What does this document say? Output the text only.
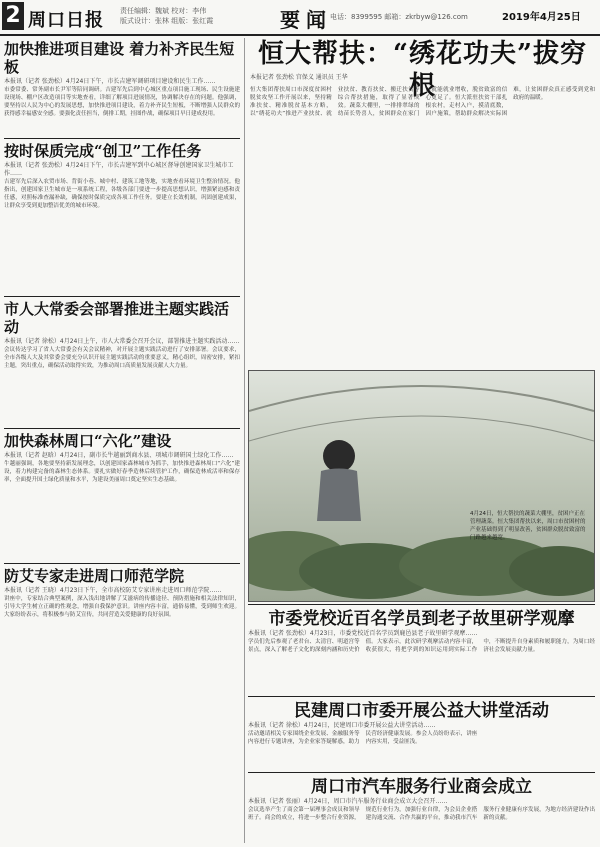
2 周口日报 责任编辑：魏斌 校对：李伟
版式设计：张林 组版：张红霞	要闻
电话：8399595 邮箱：zkrbyw@126.com	2019年4月25日
加快推进项目建设 着力补齐民生短板
本报讯（记者 张劲松）4月24日下午，市长吉建军调研项目建设和民生工作……
市委常委、常务副市长尹军等陪同调研。吉建军先后到中心城区重点项目施工现场、民生设施建设现场、棚户区改造项目等实地查看，详细了解项目进展情况，协调解决存在的问题。他强调，要坚持以人民为中心的发展思想，加快推进项目建设，着力补齐民生短板，不断增强人民群众的获得感幸福感安全感。要强化责任担当，倒排工期，挂图作战，确保项目早日建成投用。
按时保质完成“创卫”工作任务
本报讯（记者 张劲松）4月24日下午，市长吉建军到中心城区督导创建国家卫生城市工作……
吉建军先后深入农贸市场、背街小巷、城中村、建筑工地等地，实地查看环境卫生整治情况。他指出，创建国家卫生城市是一项系统工程，各级各部门要进一步提高思想认识，增强紧迫感和责任感，对照标准查漏补缺，确保按时保质完成各项工作任务。要建立长效机制，巩固创建成果，让群众享受到更加整洁优美的城市环境。
市人大常委会部署推进主题实践活动
本报讯（记者 徐松）4月24日上午，市人大常委会召开会议，部署推进主题实践活动……
会议传达学习了省人大常委会有关会议精神，对开展主题实践活动进行了安排部署。会议要求，全市各级人大及其常委会要充分认识开展主题实践活动的重要意义，精心组织，周密安排，紧扣主题，突出重点，确保活动取得实效，为推动周口高质量发展贡献人大力量。
加快森林周口“六化”建设
本报讯（记者 赵晗）4月24日，副市长牛越丽到商水县、项城市调研国土绿化工作……
牛越丽强调，各地要坚持新发展理念，以创建国家森林城市为抓手，加快推进森林周口“六化”建设，着力构建完备的森林生态体系。要扎实做好春季造林后续管护工作，确保造林成活率和保存率，全面提升国土绿化质量和水平，为建设美丽周口奠定坚实生态基础。
防艾专家走进周口师范学院
本报讯（记者 王晓）4月23日下午，全市高校防艾专家讲座走进周口师范学院……
讲座中，专家结合典型案例，深入浅出地讲解了艾滋病的传播途径、预防措施和相关法律知识，引导大学生树立正确的性观念，增强自我保护意识。讲座内容丰富，通俗易懂，受到师生欢迎。大家纷纷表示，将积极参与防艾宣传，共同营造关爱健康的良好氛围。
恒大帮扶：“绣花功夫”拔穷根
本报记者 张劲松 宫保义 通讯员 王华
恒大集团帮扶周口市深度贫困村脱贫攻坚工作开展以来，坚持精准扶贫、精准脱贫基本方略，以“绣花功夫”推进产业扶贫、就业扶贫、教育扶贫、搬迁扶贫等综合帮扶措施，取得了显著成效。蔬菜大棚里，一排排翠绿的幼苗长势喜人，贫困群众在家门口就能就业增收，脱贫致富的信心更足了。恒大派驻扶贫干部扎根农村，走村入户，摸清底数，因户施策，帮助群众解决实际困难，让贫困群众真正感受到党和政府的温暖。
4月24日，恒大帮扶的蔬菜大棚里，贫困户正在管理蔬菜。恒大集团帮扶以来，周口市贫困村的产业基础得到了明显改善，贫困群众脱贫致富的门路越来越宽。
市委党校近百名学员到老子故里研学观摩
本报讯（记者 张劲松）4月23日，市委党校近百名学员到鹿邑县老子故里研学观摩……
学员们先后参观了老君台、太清宫、明道宫等景点，深入了解老子文化的深刻内涵和历史价值。大家表示，此次研学观摩活动内容丰富，收获很大，将把学到的知识运用到实际工作中，不断提升自身素质和履职能力，为周口经济社会发展贡献力量。
民建周口市委开展公益大讲堂活动
本报讯（记者 徐松）4月24日，民建周口市委开展公益大讲堂活动……
活动邀请相关专家围绕企业发展、金融服务等内容进行专题讲座，为企业家答疑解惑，助力民营经济健康发展。参会人员纷纷表示，讲座内容实用，受益匪浅。
周口市汽车服务行业商会成立
本报讯（记者 张丽）4月24日，周口市汽车服务行业商会成立大会召开……
会议选举产生了商会第一届理事会成员和领导班子。商会的成立，将进一步整合行业资源，规范行业行为，加强行业自律，为会员企业搭建沟通交流、合作共赢的平台，推动我市汽车服务行业健康有序发展，为地方经济建设作出新的贡献。
